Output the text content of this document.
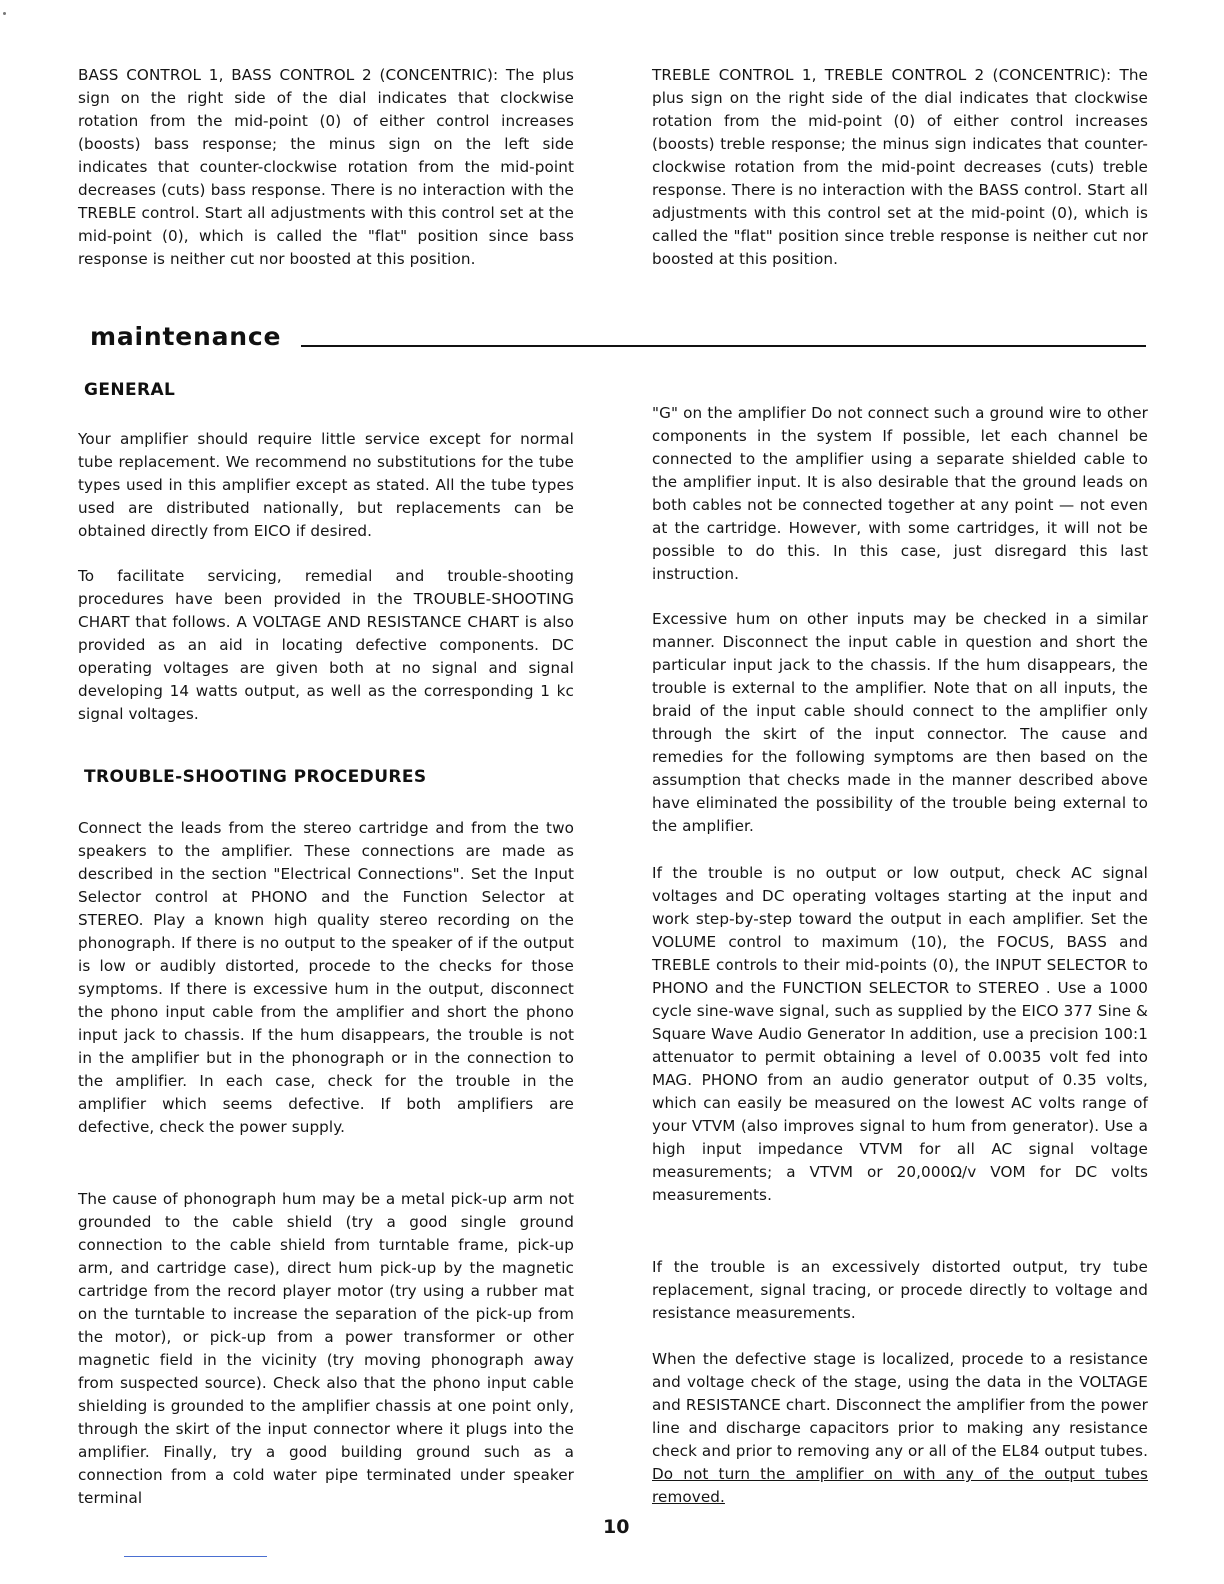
BASS CONTROL 1, BASS CONTROL 2 (CONCENTRIC): The plus sign on the right side of the dial indicates that clockwise rotation from the mid-point (0) of either control increases (boosts) bass response; the minus sign on the left side indicates that counter-clockwise rotation from the mid-point decreases (cuts) bass response. There is no interaction with the TREBLE control. Start all adjustments with this control set at the mid-point (0), which is called the "flat" position since bass response is neither cut nor boosted at this position.

TREBLE CONTROL 1, TREBLE CONTROL 2 (CONCENTRIC): The plus sign on the right side of the dial indicates that clockwise rotation from the mid-point (0) of either control increases (boosts) treble response; the minus sign indicates that counter-clockwise rotation from the mid-point decreases (cuts) treble response. There is no interaction with the BASS control. Start all adjustments with this control set at the mid-point (0), which is called the "flat" position since treble response is neither cut nor boosted at this position.

maintenance
GENERAL

Your amplifier should require little service except for normal tube replacement. We recommend no substitutions for the tube types used in this amplifier except as stated. All the tube types used are distributed nationally, but replacements can be obtained directly from EICO if desired.

To facilitate servicing, remedial and trouble-shooting procedures have been provided in the TROUBLE-SHOOTING CHART that follows. A VOLTAGE AND RESISTANCE CHART is also provided as an aid in locating defective components. DC operating voltages are given both at no signal and signal developing 14 watts output, as well as the corresponding 1 kc signal voltages.

TROUBLE-SHOOTING PROCEDURES

Connect the leads from the stereo cartridge and from the two speakers to the amplifier. These connections are made as described in the section "Electrical Connections". Set the Input Selector control at PHONO and the Function Selector at STEREO. Play a known high quality stereo recording on the phonograph. If there is no output to the speaker of if the output is low or audibly distorted, procede to the checks for those symptoms. If there is excessive hum in the output, disconnect the phono input cable from the amplifier and short the phono input jack to chassis. If the hum disappears, the trouble is not in the amplifier but in the phonograph or in the connection to the amplifier. In each case, check for the trouble in the amplifier which seems defective. If both amplifiers are defective, check the power supply.

The cause of phonograph hum may be a metal pick-up arm not grounded to the cable shield (try a good single ground connection to the cable shield from turntable frame, pick-up arm, and cartridge case), direct hum pick-up by the magnetic cartridge from the record player motor (try using a rubber mat on the turntable to increase the separation of the pick-up from the motor), or pick-up from a power transformer or other magnetic field in the vicinity (try moving phonograph away from suspected source). Check also that the phono input cable shielding is grounded to the amplifier chassis at one point only, through the skirt of the input connector where it plugs into the amplifier. Finally, try a good building ground such as a connection from a cold water pipe terminated under speaker terminal

"G" on the amplifier Do not connect such a ground wire to other components in the system If possible, let each channel be connected to the amplifier using a separate shielded cable to the amplifier input. It is also desirable that the ground leads on both cables not be connected together at any point — not even at the cartridge. However, with some cartridges, it will not be possible to do this. In this case, just disregard this last instruction.

Excessive hum on other inputs may be checked in a similar manner. Disconnect the input cable in question and short the particular input jack to the chassis. If the hum disappears, the trouble is external to the amplifier. Note that on all inputs, the braid of the input cable should connect to the amplifier only through the skirt of the input connector. The cause and remedies for the following symptoms are then based on the assumption that checks made in the manner described above have eliminated the possibility of the trouble being external to the amplifier.

If the trouble is no output or low output, check AC signal voltages and DC operating voltages starting at the input and work step-by-step toward the output in each amplifier. Set the VOLUME control to maximum (10), the FOCUS, BASS and TREBLE controls to their mid-points (0), the INPUT SELECTOR to PHONO and the FUNCTION SELECTOR to STEREO . Use a 1000 cycle sine-wave signal, such as supplied by the EICO 377 Sine & Square Wave Audio Generator In addition, use a precision 100:1 attenuator to permit obtaining a level of 0.0035 volt fed into MAG. PHONO from an audio generator output of 0.35 volts, which can easily be measured on the lowest AC volts range of your VTVM (also improves signal to hum from generator). Use a high input impedance VTVM for all AC signal voltage measurements; a VTVM or 20,000Ω/v VOM for DC volts measurements.

If the trouble is an excessively distorted output, try tube replacement, signal tracing, or procede directly to voltage and resistance measurements.

When the defective stage is localized, procede to a resistance and voltage check of the stage, using the data in the VOLTAGE and RESISTANCE chart. Disconnect the amplifier from the power line and discharge capacitors prior to making any resistance check and prior to removing any or all of the EL84 output tubes. Do not turn the amplifier on with any of the output tubes removed.

10
